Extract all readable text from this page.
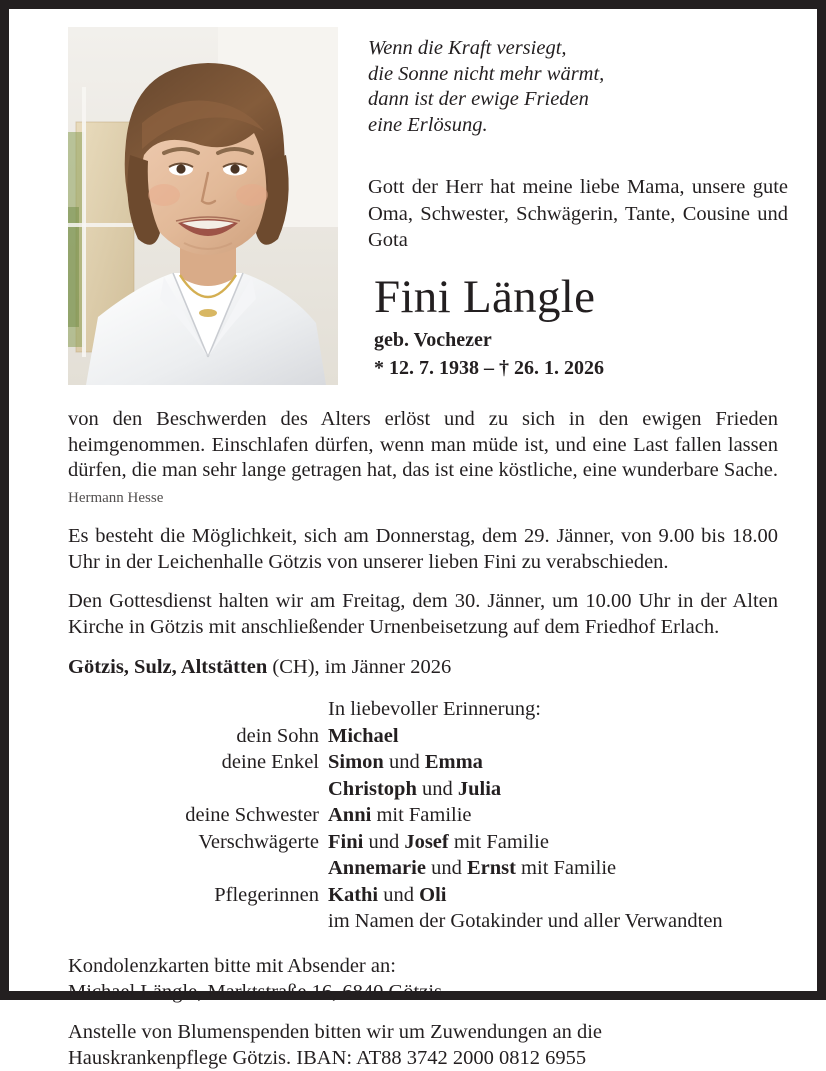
Wenn die Kraft versiegt,
die Sonne nicht mehr wärmt,
dann ist der ewige Frieden
eine Erlösung.
Gott der Herr hat meine liebe Mama, unsere gute Oma, Schwester, Schwägerin, Tante, Cousine und Gota
Fini Längle
geb. Vochezer
* 12. 7. 1938 – † 26. 1. 2026

von den Beschwerden des Alters erlöst und zu sich in den ewigen Frieden heimgenommen. Einschlafen dürfen, wenn man müde ist, und eine Last fallen lassen dürfen, die man sehr lange getragen hat, das ist eine köstliche, eine wunderbare Sache. Hermann Hesse

Es besteht die Möglichkeit, sich am Donnerstag, dem 29. Jänner, von 9.00 bis 18.00 Uhr in der Leichenhalle Götzis von unserer lieben Fini zu verabschieden.

Den Gottesdienst halten wir am Freitag, dem 30. Jänner, um 10.00 Uhr in der Alten Kirche in Götzis mit anschließender Urnenbeisetzung auf dem Friedhof Erlach.

Götzis, Sulz, Altstätten (CH), im Jänner 2026

	In liebevoller Erinnerung:
dein Sohn	Michael
deine Enkel	Simon und Emma
	Christoph und Julia
deine Schwester	Anni mit Familie
Verschwägerte	Fini und Josef mit Familie
	Annemarie und Ernst mit Familie
Pflegerinnen	Kathi und Oli
	im Namen der Gotakinder und aller Verwandten

Kondolenzkarten bitte mit Absender an:
Michael Längle, Marktstraße 16, 6840 Götzis

Anstelle von Blumenspenden bitten wir um Zuwendungen an die
Hauskrankenpflege Götzis. IBAN: AT88 3742 2000 0812 6955
